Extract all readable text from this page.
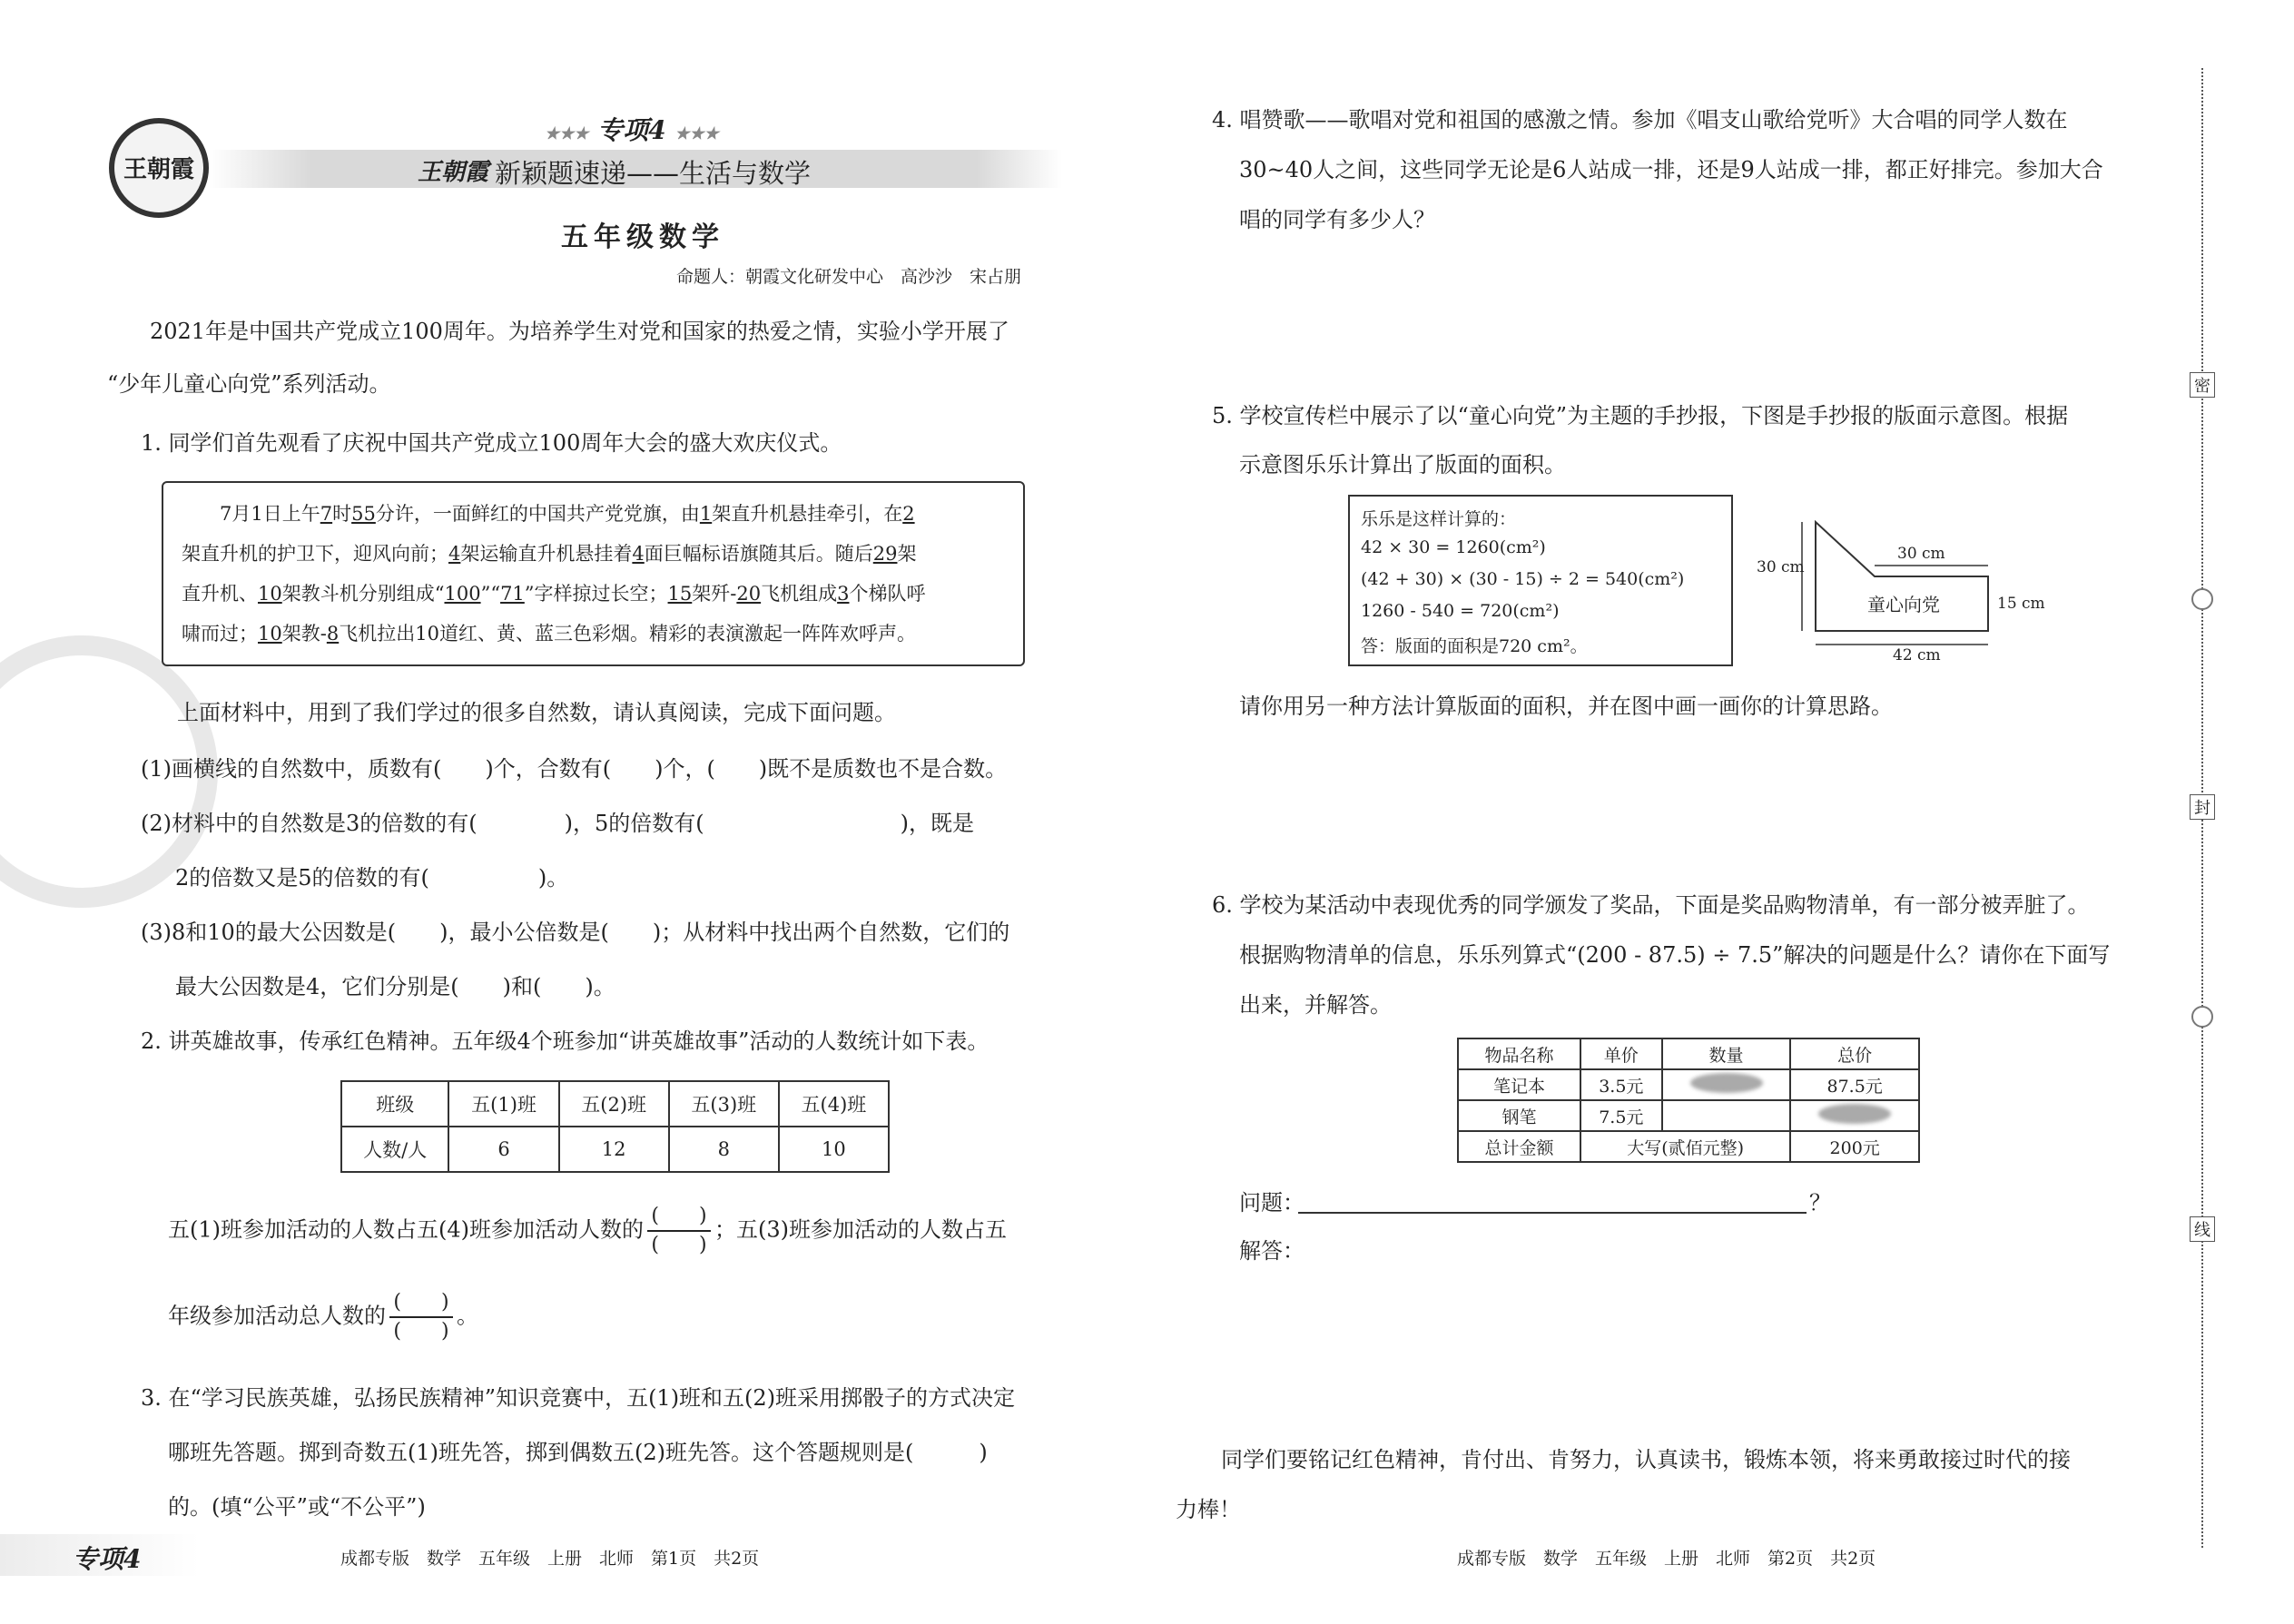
王朝霞
★★★ 专项4 ★★★
王朝霞 新颖题速递——生活与数学
五年级数学
命题人：朝霞文化研发中心　高沙沙　宋占朋
2021年是中国共产党成立100周年。为培养学生对党和国家的热爱之情，实验小学开展了
“少年儿童心向党”系列活动。
1. 同学们首先观看了庆祝中国共产党成立100周年大会的盛大欢庆仪式。
　　7月1日上午7时55分许，一面鲜红的中国共产党党旗，由1架直升机悬挂牵引，在2
架直升机的护卫下，迎风向前；4架运输直升机悬挂着4面巨幅标语旗随其后。随后29架
直升机、10架教斗机分别组成“100”“71”字样掠过长空；15架歼-20飞机组成3个梯队呼
啸而过；10架教-8飞机拉出10道红、黄、蓝三色彩烟。精彩的表演激起一阵阵欢呼声。
上面材料中，用到了我们学过的很多自然数，请认真阅读，完成下面问题。
(1)画横线的自然数中，质数有(　　)个，合数有(　　)个，(　　)既不是质数也不是合数。
(2)材料中的自然数是3的倍数的有(　　　　)，5的倍数有(　　　　　　　　　)，既是
2的倍数又是5的倍数的有(　　　　　)。
(3)8和10的最大公因数是(　　)，最小公倍数是(　　)；从材料中找出两个自然数，它们的
最大公因数是4，它们分别是(　　)和(　　)。
2. 讲英雄故事，传承红色精神。五年级4个班参加“讲英雄故事”活动的人数统计如下表。
班级	五(1)班	五(2)班	五(3)班	五(4)班
人数/人	6	12	8	10
五(1)班参加活动的人数占五(4)班参加活动人数的 $\frac{( )}{( )}$ ；五(3)班参加活动的人数占五
年级参加活动总人数的 $\frac{( )}{( )}$ 。
3. 在“学习民族英雄，弘扬民族精神”知识竞赛中，五(1)班和五(2)班采用掷骰子的方式决定
哪班先答题。掷到奇数五(1)班先答，掷到偶数五(2)班先答。这个答题规则是(　　　)
的。(填“公平”或“不公平”)
专项4	成都专版　数学　五年级　上册　北师　第1页　共2页
4. 唱赞歌——歌唱对党和祖国的感激之情。参加《唱支山歌给党听》大合唱的同学人数在
30~40人之间，这些同学无论是6人站成一排，还是9人站成一排，都正好排完。参加大合
唱的同学有多少人？
5. 学校宣传栏中展示了以“童心向党”为主题的手抄报，下图是手抄报的版面示意图。根据
示意图乐乐计算出了版面的面积。
乐乐是这样计算的：
42 × 30 = 1260(cm²)
(42 + 30) × (30 - 15) ÷ 2 = 540(cm²)
1260 - 540 = 720(cm²)
答：版面的面积是720 cm²。
30 cm
30 cm
15 cm
42 cm
童心向党
请你用另一种方法计算版面的面积，并在图中画一画你的计算思路。
6. 学校为某活动中表现优秀的同学颁发了奖品，下面是奖品购物清单，有一部分被弄脏了。
根据购物清单的信息，乐乐列算式“(200 - 87.5) ÷ 7.5”解决的问题是什么？请你在下面写
出来，并解答。
物品名称	单价	数量	总价
笔记本	3.5元		87.5元
钢笔	7.5元		
总计金额	大写(贰佰元整)		200元
问题：	？
解答：
同学们要铭记红色精神，肯付出、肯努力，认真读书，锻炼本领，将来勇敢接过时代的接
力棒！
成都专版　数学　五年级　上册　北师　第2页　共2页
密
封
线
